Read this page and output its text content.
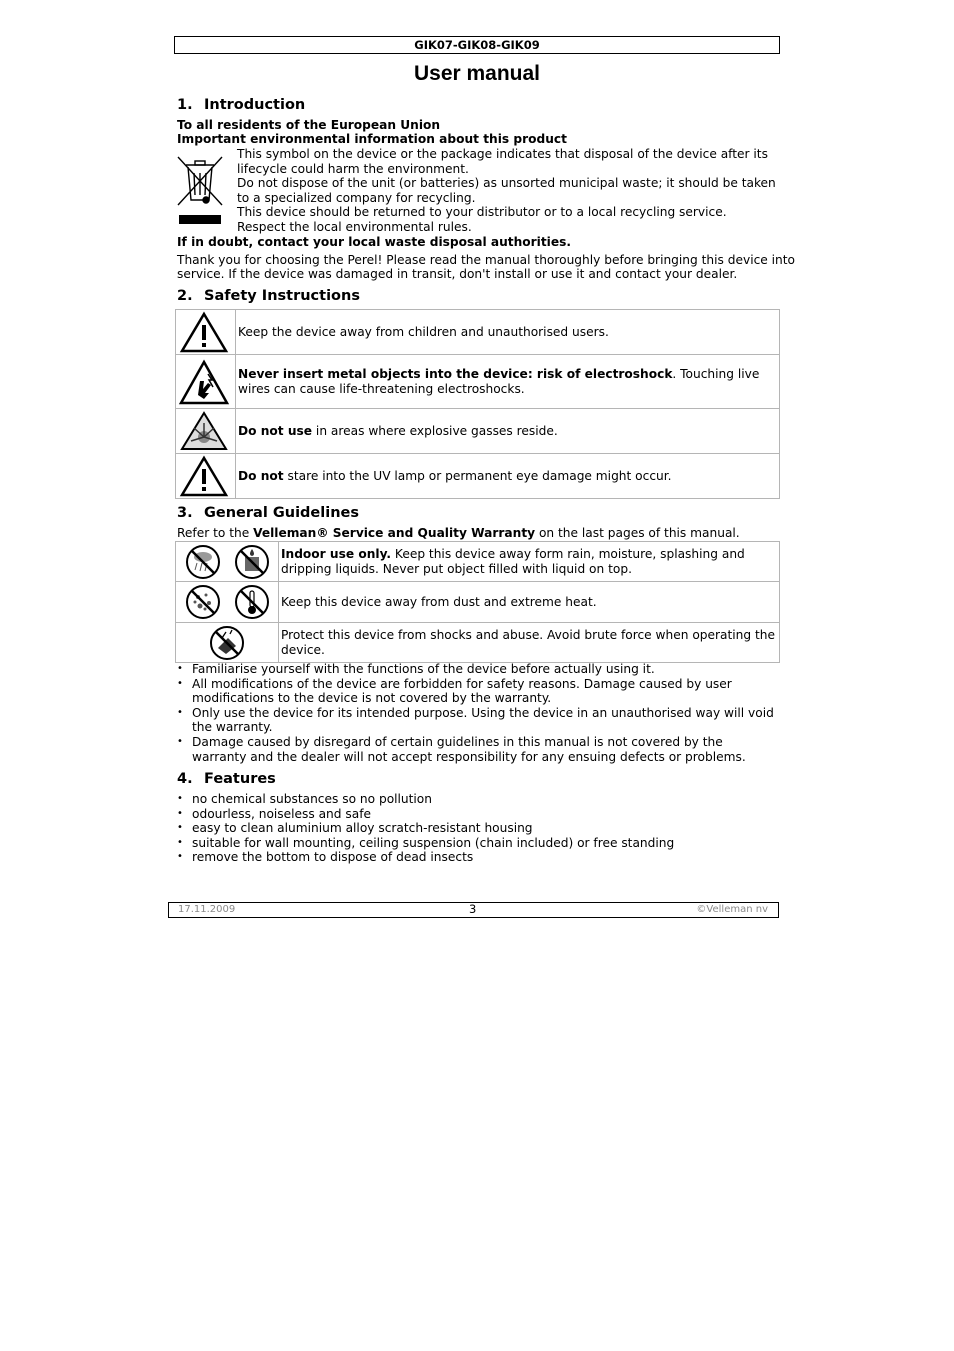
GIK07-GIK08-GIK09
User manual
1. Introduction
To all residents of the European Union
Important environmental information about this product
This symbol on the device or the package indicates that disposal of the device after its
lifecycle could harm the environment.
Do not dispose of the unit (or batteries) as unsorted municipal waste; it should be taken
to a specialized company for recycling.
This device should be returned to your distributor or to a local recycling service.
Respect the local environmental rules.
If in doubt, contact your local waste disposal authorities.
Thank you for choosing the Perel! Please read the manual thoroughly before bringing this device into
service. If the device was damaged in transit, don't install or use it and contact your dealer.
2. Safety Instructions
	Keep the device away from children and unauthorised users.

	Never insert metal objects into the device: risk of electroshock. Touching live wires can cause life-threatening electroshocks.

	Do not use in areas where explosive gasses reside.

	Do not stare into the UV lamp or permanent eye damage might occur.
3. General Guidelines
Refer to the Velleman® Service and Quality Warranty on the last pages of this manual.
	Indoor use only. Keep this device away form rain, moisture, splashing and dripping liquids. Never put object filled with liquid on top.

	Keep this device away from dust and extreme heat.

	Protect this device from shocks and abuse. Avoid brute force when operating the device.
• Familiarise yourself with the functions of the device before actually using it.
• All modifications of the device are forbidden for safety reasons. Damage caused by user modifications to the device is not covered by the warranty.
• Only use the device for its intended purpose. Using the device in an unauthorised way will void the warranty.
• Damage caused by disregard of certain guidelines in this manual is not covered by the warranty and the dealer will not accept responsibility for any ensuing defects or problems.
4. Features
• no chemical substances so no pollution
• odourless, noiseless and safe
• easy to clean aluminium alloy scratch-resistant housing
• suitable for wall mounting, ceiling suspension (chain included) or free standing
• remove the bottom to dispose of dead insects
17.11.2009	3	©Velleman nv
